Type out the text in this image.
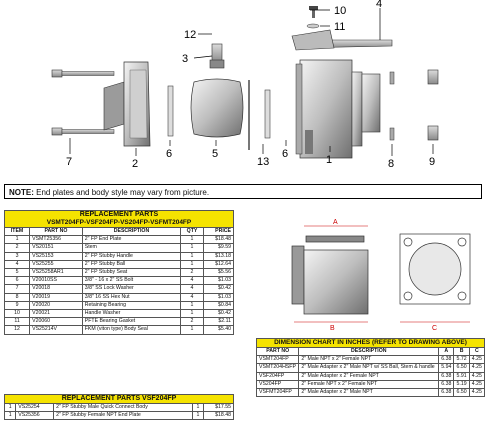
10
11
4
12
3
6	5
2
7	13
6	1	8	9
NOTE: End plates and body style may vary from picture.
REPLACEMENT PARTS
VSMT204FP-VSF204FP-VS204FP-VSFMT204FP				

ITEM	PART NO	DESCRIPTION	QTY	PRICE
1	VSMT25356	2" FP End Plate	1	$18.48
2	VS20151	Stem	1	$9.59
3	VS25153	2" FP Stubby Handle	1	$13.18
4	VS25255	2" FP Stubby Ball	1	$12.64
5	VS25258AR1	2" FP Stubby Seat	2	$5.56
6	V20010SS	3/8" - 16 x 2" SS Bolt	4	$1.03
7	V20018	3/8" SS Lock Washer	4	$0.42
8	V20019	3/8" 16 SS Hex Nut	4	$1.03
9	V20020	Retaining Bearing	1	$0.84
10	V20021	Handle Washer	1	$0.42
11	V20060	PFTE Bearing Gasket	2	$2.11
12	VS25214V	FKM (viton type) Body Seal	1	$5.40
REPLACEMENT PARTS VSF204FP				

1	VS25254	2" FP Stubby Male Quick Connect Body	1	$17.55
1	VS25356	2" FP Stubby Female NPT End Plate	1	$18.48
A
B	C
DIMENSION CHART IN INCHES (REFER TO DRAWING ABOVE)				

PART NO	DESCRIPTION	A	B	C
VSMT204FP	2" Male NPT x 2" Female NPT	6.38	5.72	4.25
VSMT204HSFP	2" Male Adapter x 2" Male NPT w/ SS Ball, Stem & handle	5.94	6.50	4.25
VSF204FP	2" Male Adapter x 2" Female NPT	6.38	5.91	4.25
VS204FP	2" Female NPT x 2" Female NPT	6.38	5.19	4.25
VSFMT204FP	2" Male Adapter x 2" Male NPT	6.38	6.50	4.25
